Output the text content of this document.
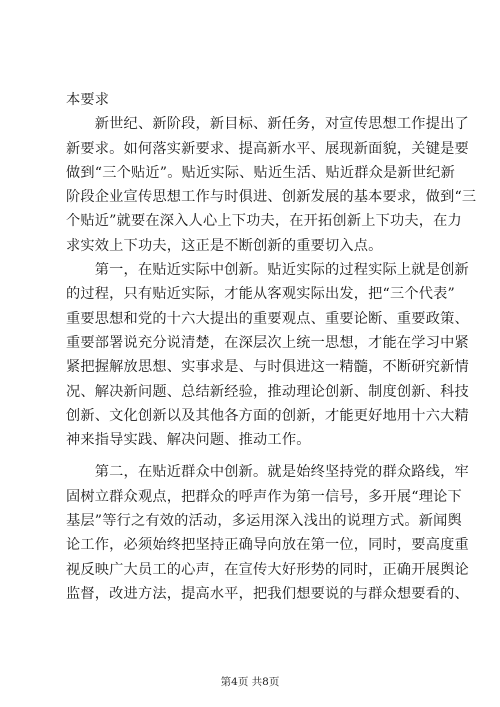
本要求
　　新世纪、新阶段，新目标、新任务，对宣传思想工作提出了
新要求。如何落实新要求、提高新水平、展现新面貌，关键是要
做到“三个贴近”。贴近实际、贴近生活、贴近群众是新世纪新
阶段企业宣传思想工作与时俱进、创新发展的基本要求，做到“三
个贴近”就要在深入人心上下功夫，在开拓创新上下功夫，在力
求实效上下功夫，这正是不断创新的重要切入点。
　　第一，在贴近实际中创新。贴近实际的过程实际上就是创新
的过程，只有贴近实际，才能从客观实际出发，把“三个代表”
重要思想和党的十六大提出的重要观点、重要论断、重要政策、
重要部署说充分说清楚，在深层次上统一思想，才能在学习中紧
紧把握解放思想、实事求是、与时俱进这一精髓，不断研究新情
况、解决新问题、总结新经验，推动理论创新、制度创新、科技
创新、文化创新以及其他各方面的创新，才能更好地用十六大精
神来指导实践、解决问题、推动工作。
　　第二，在贴近群众中创新。就是始终坚持党的群众路线，牢
固树立群众观点，把群众的呼声作为第一信号，多开展“理论下
基层”等行之有效的活动，多运用深入浅出的说理方式。新闻舆
论工作，必须始终把坚持正确导向放在第一位，同时，要高度重
视反映广大员工的心声，在宣传大好形势的同时，正确开展舆论
监督，改进方法，提高水平，把我们想要说的与群众想要看的、
第4页 共8页
